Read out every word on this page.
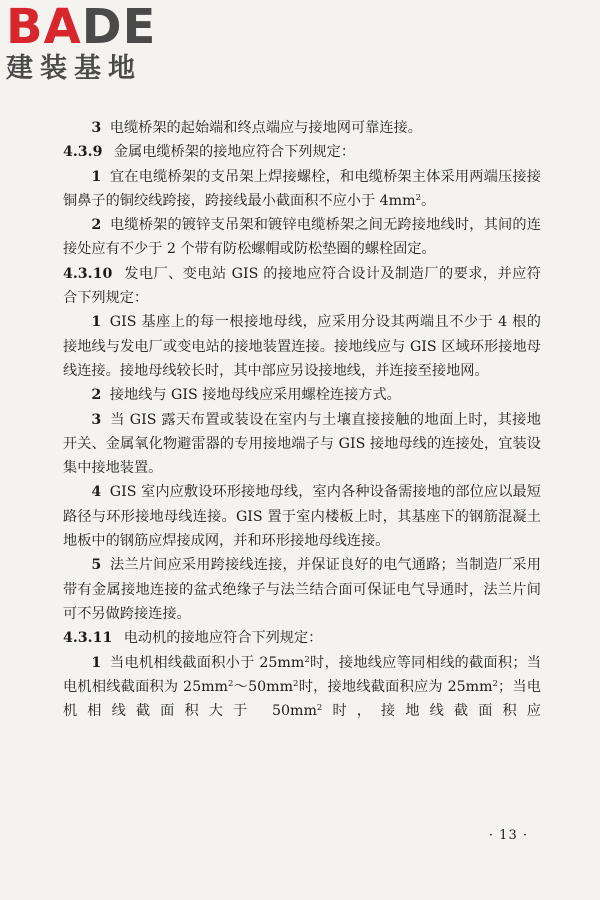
BADE
建装基地

3 电缆桥架的起始端和终点端应与接地网可靠连接。

4.3.9 金属电缆桥架的接地应符合下列规定：

1 宜在电缆桥架的支吊架上焊接螺栓，和电缆桥架主体采用两端压接接铜鼻子的铜绞线跨接，跨接线最小截面积不应小于 $4mm^2$。

2 电缆桥架的镀锌支吊架和镀锌电缆桥架之间无跨接地线时，其间的连接处应有不少于 2 个带有防松螺帽或防松垫圈的螺栓固定。

4.3.10 发电厂、变电站 GIS 的接地应符合设计及制造厂的要求，并应符合下列规定：

1 GIS 基座上的每一根接地母线，应采用分设其两端且不少于 4 根的接地线与发电厂或变电站的接地装置连接。接地线应与 GIS 区域环形接地母线连接。接地母线较长时，其中部应另设接地线，并连接至接地网。

2 接地线与 GIS 接地母线应采用螺栓连接方式。

3 当 GIS 露天布置或装设在室内与土壤直接接触的地面上时，其接地开关、金属氧化物避雷器的专用接地端子与 GIS 接地母线的连接处，宜装设集中接地装置。

4 GIS 室内应敷设环形接地母线，室内各种设备需接地的部位应以最短路径与环形接地母线连接。GIS 置于室内楼板上时，其基座下的钢筋混凝土地板中的钢筋应焊接成网，并和环形接地母线连接。

5 法兰片间应采用跨接线连接，并保证良好的电气通路；当制造厂采用带有金属接地连接的盆式绝缘子与法兰结合面可保证电气导通时，法兰片间可不另做跨接连接。

4.3.11 电动机的接地应符合下列规定：

1 当电机相线截面积小于 $25mm^2$时，接地线应等同相线的截面积；当电机相线截面积为 $25mm^2\sim 50mm^2$时，接地线截面积应为 $25mm^2$；当电机相线截面积大于 $50mm^2$时，接地线截面积应

· 13 ·
